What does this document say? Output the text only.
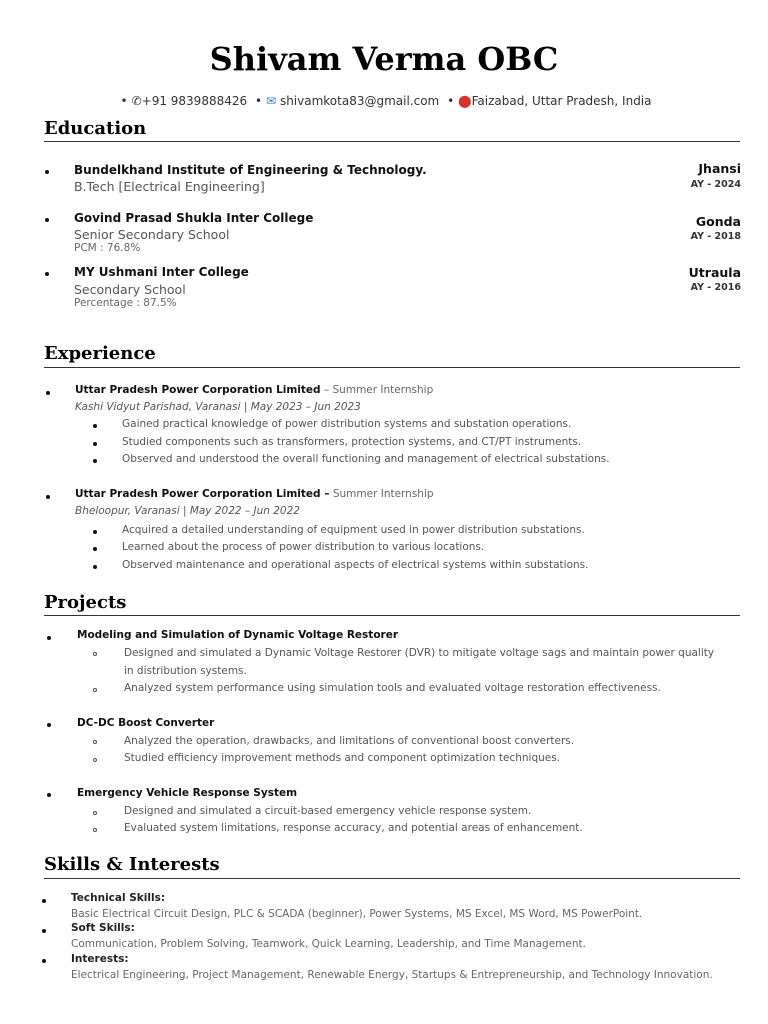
Shivam Verma OBC
• ✆+91 9839888426 • ✉ shivamkota83@gmail.com • ⬤Faizabad, Uttar Pradesh, India
Education
Bundelkhand Institute of Engineering & Technology.
B.Tech [Electrical Engineering]
Jhansi
AY - 2024
Govind Prasad Shukla Inter College
Senior Secondary School
PCM : 76.8%
Gonda
AY - 2018
MY Ushmani Inter College
Secondary School
Percentage : 87.5%
Utraula
AY - 2016
Experience
Uttar Pradesh Power Corporation Limited – Summer Internship
Kashi Vidyut Parishad, Varanasi | May 2023 – Jun 2023
Gained practical knowledge of power distribution systems and substation operations.
Studied components such as transformers, protection systems, and CT/PT instruments.
Observed and understood the overall functioning and management of electrical substations.
Uttar Pradesh Power Corporation Limited – Summer Internship
Bheloopur, Varanasi | May 2022 – Jun 2022
Acquired a detailed understanding of equipment used in power distribution substations.
Learned about the process of power distribution to various locations.
Observed maintenance and operational aspects of electrical systems within substations.
Projects
Modeling and Simulation of Dynamic Voltage Restorer
Designed and simulated a Dynamic Voltage Restorer (DVR) to mitigate voltage sags and maintain power quality
in distribution systems.
Analyzed system performance using simulation tools and evaluated voltage restoration effectiveness.
DC-DC Boost Converter
Analyzed the operation, drawbacks, and limitations of conventional boost converters.
Studied efficiency improvement methods and component optimization techniques.
Emergency Vehicle Response System
Designed and simulated a circuit-based emergency vehicle response system.
Evaluated system limitations, response accuracy, and potential areas of enhancement.
Skills & Interests
Technical Skills:
Basic Electrical Circuit Design, PLC & SCADA (beginner), Power Systems, MS Excel, MS Word, MS PowerPoint.
Soft Skills:
Communication, Problem Solving, Teamwork, Quick Learning, Leadership, and Time Management.
Interests:
Electrical Engineering, Project Management, Renewable Energy, Startups & Entrepreneurship, and Technology Innovation.
